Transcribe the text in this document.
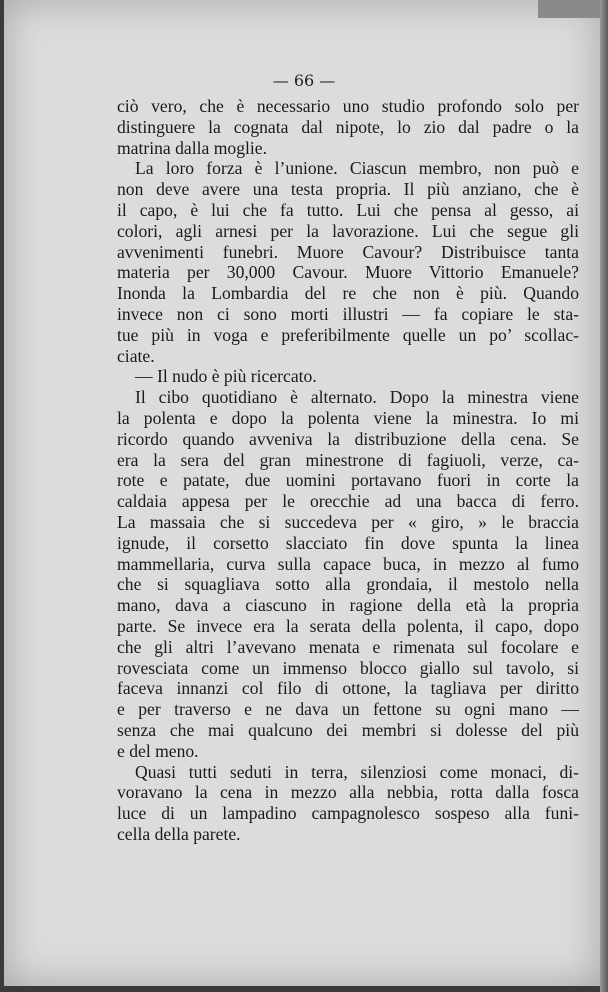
— 66 —
ciò vero, che è necessario uno studio profondo solo per
distinguere la cognata dal nipote, lo zio dal padre o la
matrina dalla moglie.
La loro forza è l’unione. Ciascun membro, non può e
non deve avere una testa propria. Il più anziano, che è
il capo, è lui che fa tutto. Lui che pensa al gesso, ai
colori, agli arnesi per la lavorazione. Lui che segue gli
avvenimenti funebri. Muore Cavour? Distribuisce tanta
materia per 30,000 Cavour. Muore Vittorio Emanuele?
Inonda la Lombardia del re che non è più. Quando
invece non ci sono morti illustri — fa copiare le sta-
tue più in voga e preferibilmente quelle un po’ scollac-
ciate.
— Il nudo è più ricercato.
Il cibo quotidiano è alternato. Dopo la minestra viene
la polenta e dopo la polenta viene la minestra. Io mi
ricordo quando avveniva la distribuzione della cena. Se
era la sera del gran minestrone di fagiuoli, verze, ca-
rote e patate, due uomini portavano fuori in corte la
caldaia appesa per le orecchie ad una bacca di ferro.
La massaia che si succedeva per « giro, » le braccia
ignude, il corsetto slacciato fin dove spunta la linea
mammellaria, curva sulla capace buca, in mezzo al fumo
che si squagliava sotto alla grondaia, il mestolo nella
mano, dava a ciascuno in ragione della età la propria
parte. Se invece era la serata della polenta, il capo, dopo
che gli altri l’avevano menata e rimenata sul focolare e
rovesciata come un immenso blocco giallo sul tavolo, si
faceva innanzi col filo di ottone, la tagliava per diritto
e per traverso e ne dava un fettone su ogni mano —
senza che mai qualcuno dei membri si dolesse del più
e del meno.
Quasi tutti seduti in terra, silenziosi come monaci, di-
voravano la cena in mezzo alla nebbia, rotta dalla fosca
luce di un lampadino campagnolesco sospeso alla funi-
cella della parete.
